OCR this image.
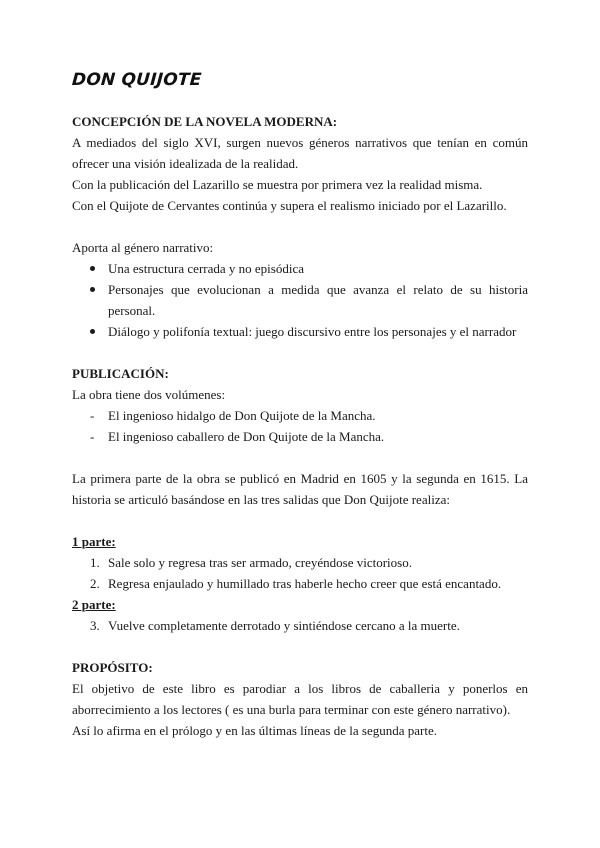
DON QUIJOTE

CONCEPCIÓN DE LA NOVELA MODERNA:

A mediados del siglo XVI, surgen nuevos géneros narrativos que tenían en común ofrecer una visión idealizada de la realidad.

Con la publicación del Lazarillo se muestra por primera vez la realidad misma.

Con el Quijote de Cervantes continúa y supera el realismo iniciado por el Lazarillo.

Aporta al género narrativo:

Una estructura cerrada y no episódica
Personajes que evolucionan a medida que avanza el relato de su historia personal.
Diálogo y polifonía textual: juego discursivo entre los personajes y el narrador

PUBLICACIÓN:

La obra tiene dos volúmenes:

- El ingenioso hidalgo de Don Quijote de la Mancha.
- El ingenioso caballero de Don Quijote de la Mancha.

La primera parte de la obra se publicó en Madrid en 1605 y la segunda en 1615. La historia se articuló basándose en las tres salidas que Don Quijote realiza:

1 parte:

1. Sale solo y regresa tras ser armado, creyéndose victorioso.
2. Regresa enjaulado y humillado tras haberle hecho creer que está encantado.

2 parte:

3. Vuelve completamente derrotado y sintiéndose cercano a la muerte.

PROPÓSITO:

El objetivo de este libro es parodiar a los libros de caballeria y ponerlos en aborrecimiento a los lectores ( es una burla para terminar con este género narrativo).

Así lo afirma en el prólogo y en las últimas líneas de la segunda parte.
